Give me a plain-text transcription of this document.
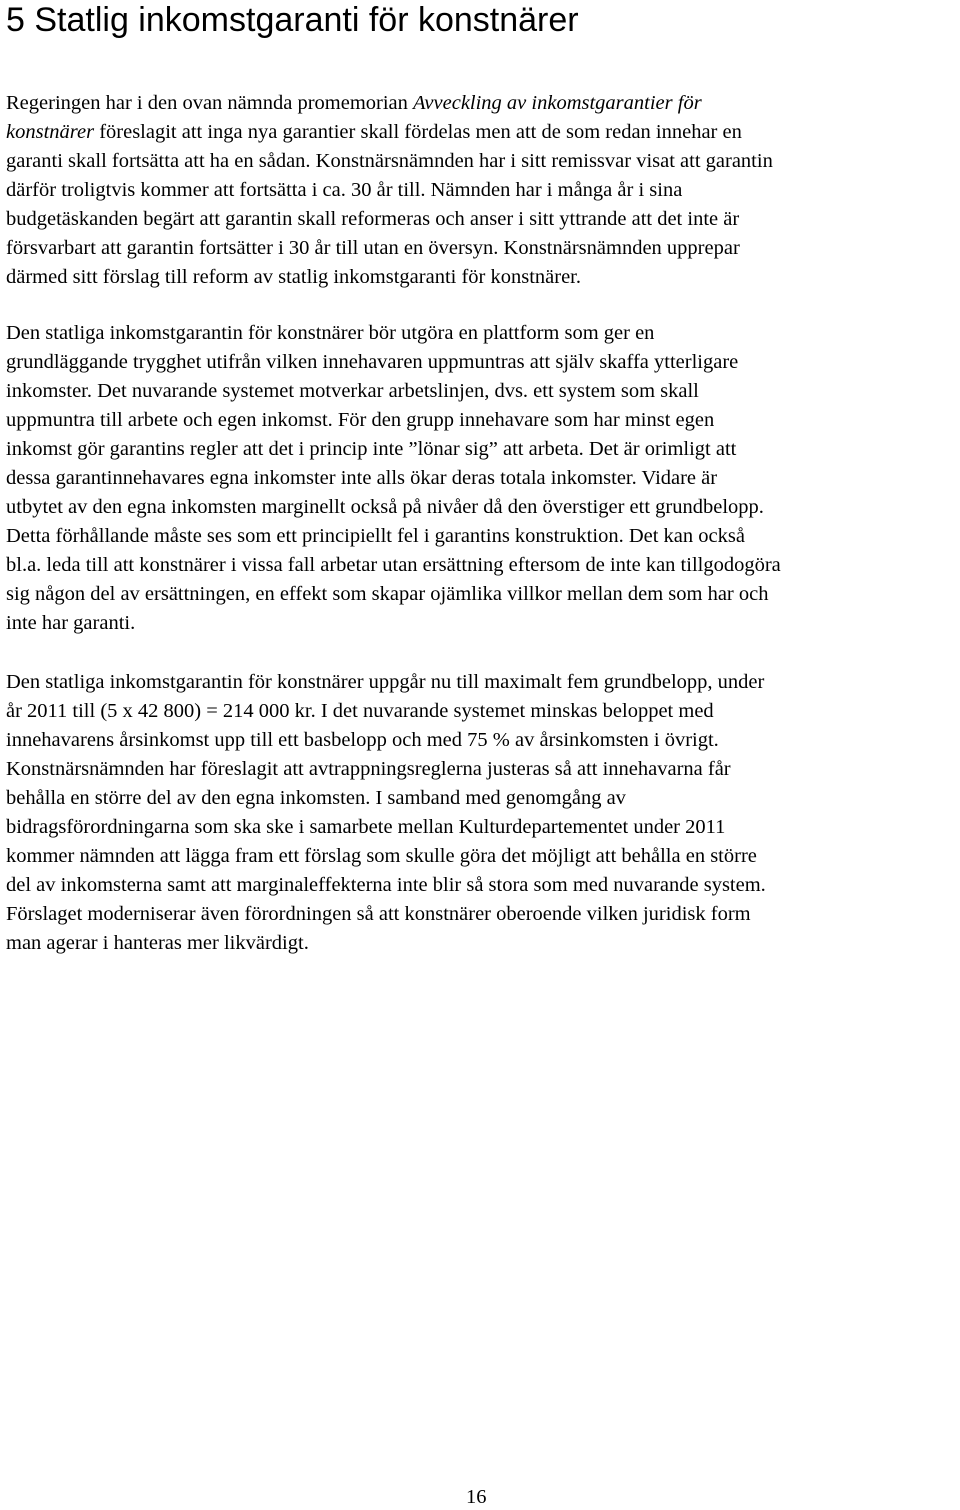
5 Statlig inkomstgaranti för konstnärer
Regeringen har i den ovan nämnda promemorian Avveckling av inkomstgarantier för
konstnärer föreslagit att inga nya garantier skall fördelas men att de som redan innehar en
garanti skall fortsätta att ha en sådan. Konstnärsnämnden har i sitt remissvar visat att garantin
därför troligtvis kommer att fortsätta i ca. 30 år till. Nämnden har i många år i sina
budgetäskanden begärt att garantin skall reformeras och anser i sitt yttrande att det inte är
försvarbart att garantin fortsätter i 30 år till utan en översyn. Konstnärsnämnden upprepar
därmed sitt förslag till reform av statlig inkomstgaranti för konstnärer.
Den statliga inkomstgarantin för konstnärer bör utgöra en plattform som ger en
grundläggande trygghet utifrån vilken innehavaren uppmuntras att själv skaffa ytterligare
inkomster. Det nuvarande systemet motverkar arbetslinjen, dvs. ett system som skall
uppmuntra till arbete och egen inkomst. För den grupp innehavare som har minst egen
inkomst gör garantins regler att det i princip inte ”lönar sig” att arbeta. Det är orimligt att
dessa garantinnehavares egna inkomster inte alls ökar deras totala inkomster. Vidare är
utbytet av den egna inkomsten marginellt också på nivåer då den överstiger ett grundbelopp.
Detta förhållande måste ses som ett principiellt fel i garantins konstruktion. Det kan också
bl.a. leda till att konstnärer i vissa fall arbetar utan ersättning eftersom de inte kan tillgodogöra
sig någon del av ersättningen, en effekt som skapar ojämlika villkor mellan dem som har och
inte har garanti.
Den statliga inkomstgarantin för konstnärer uppgår nu till maximalt fem grundbelopp, under
år 2011 till (5 x 42 800) = 214 000 kr. I det nuvarande systemet minskas beloppet med
innehavarens årsinkomst upp till ett basbelopp och med 75 % av årsinkomsten i övrigt.
Konstnärsnämnden har föreslagit att avtrappningsreglerna justeras så att innehavarna får
behålla en större del av den egna inkomsten. I samband med genomgång av
bidragsförordningarna som ska ske i samarbete mellan Kulturdepartementet under 2011
kommer nämnden att lägga fram ett förslag som skulle göra det möjligt att behålla en större
del av inkomsterna samt att marginaleffekterna inte blir så stora som med nuvarande system.
Förslaget moderniserar även förordningen så att konstnärer oberoende vilken juridisk form
man agerar i hanteras mer likvärdigt.
16
